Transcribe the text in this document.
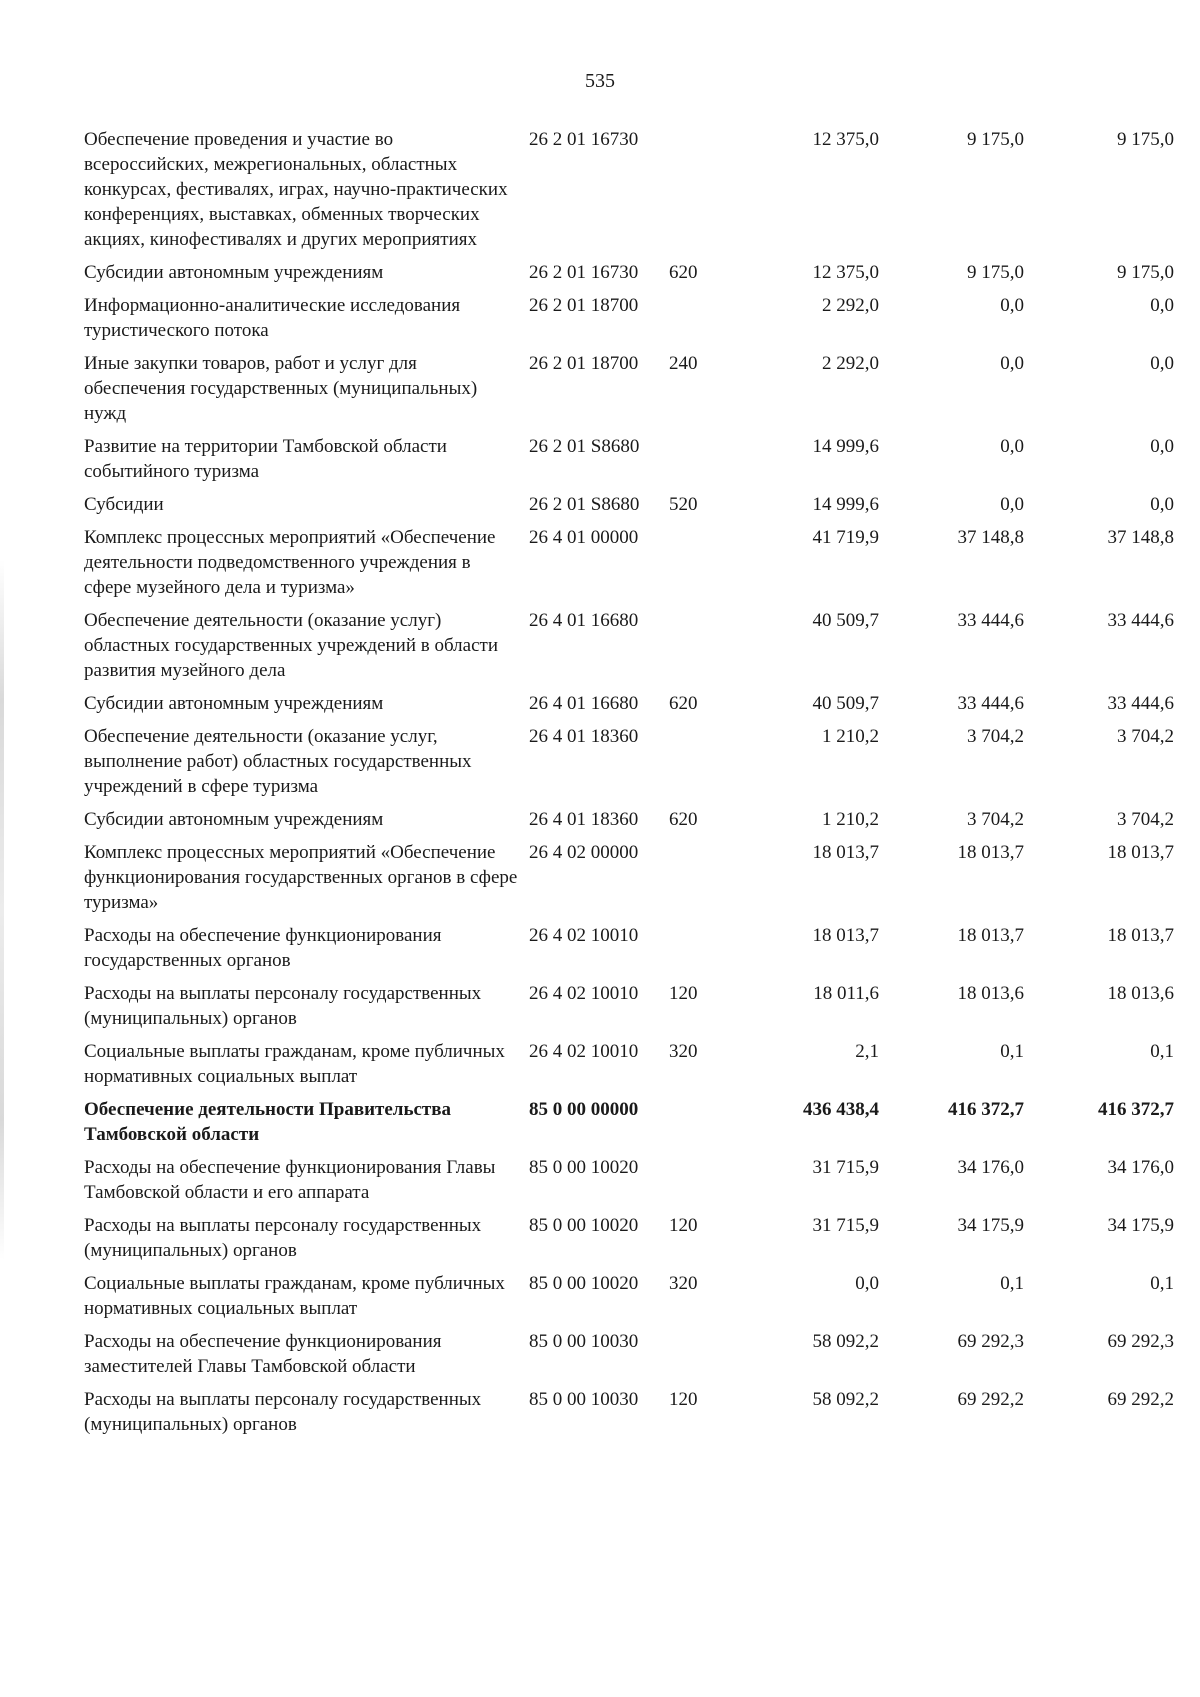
535
Обеспечение проведения и участие во всероссийских, межрегиональных, областных конкурсах, фестивалях, играх, научно-практических конференциях, выставках, обменных творческих акциях, кинофестивалях и других мероприятиях	26 2 01 16730		12 375,0	9 175,0	9 175,0
Субсидии автономным учреждениям	26 2 01 16730	620	12 375,0	9 175,0	9 175,0
Информационно-аналитические исследования туристического потока	26 2 01 18700		2 292,0	0,0	0,0
Иные закупки товаров, работ и услуг для обеспечения государственных (муниципальных) нужд	26 2 01 18700	240	2 292,0	0,0	0,0
Развитие на территории Тамбовской области событийного туризма	26 2 01 S8680		14 999,6	0,0	0,0
Субсидии	26 2 01 S8680	520	14 999,6	0,0	0,0
Комплекс процессных мероприятий «Обеспечение деятельности подведомственного учреждения в сфере музейного дела и туризма»	26 4 01 00000		41 719,9	37 148,8	37 148,8
Обеспечение деятельности (оказание услуг) областных государственных учреждений в области развития музейного дела	26 4 01 16680		40 509,7	33 444,6	33 444,6
Субсидии автономным учреждениям	26 4 01 16680	620	40 509,7	33 444,6	33 444,6
Обеспечение деятельности (оказание услуг, выполнение работ) областных государственных учреждений в сфере туризма	26 4 01 18360		1 210,2	3 704,2	3 704,2
Субсидии автономным учреждениям	26 4 01 18360	620	1 210,2	3 704,2	3 704,2
Комплекс процессных мероприятий «Обеспечение функционирования государственных органов в сфере туризма»	26 4 02 00000		18 013,7	18 013,7	18 013,7
Расходы на обеспечение функционирования государственных органов	26 4 02 10010		18 013,7	18 013,7	18 013,7
Расходы на выплаты персоналу государственных (муниципальных) органов	26 4 02 10010	120	18 011,6	18 013,6	18 013,6
Социальные выплаты гражданам, кроме публичных нормативных социальных выплат	26 4 02 10010	320	2,1	0,1	0,1
Обеспечение деятельности Правительства Тамбовской области	85 0 00 00000		436 438,4	416 372,7	416 372,7
Расходы на обеспечение функционирования Главы Тамбовской области и его аппарата	85 0 00 10020		31 715,9	34 176,0	34 176,0
Расходы на выплаты персоналу государственных (муниципальных) органов	85 0 00 10020	120	31 715,9	34 175,9	34 175,9
Социальные выплаты гражданам, кроме публичных нормативных социальных выплат	85 0 00 10020	320	0,0	0,1	0,1
Расходы на обеспечение функционирования заместителей Главы Тамбовской области	85 0 00 10030		58 092,2	69 292,3	69 292,3
Расходы на выплаты персоналу государственных (муниципальных) органов	85 0 00 10030	120	58 092,2	69 292,2	69 292,2
